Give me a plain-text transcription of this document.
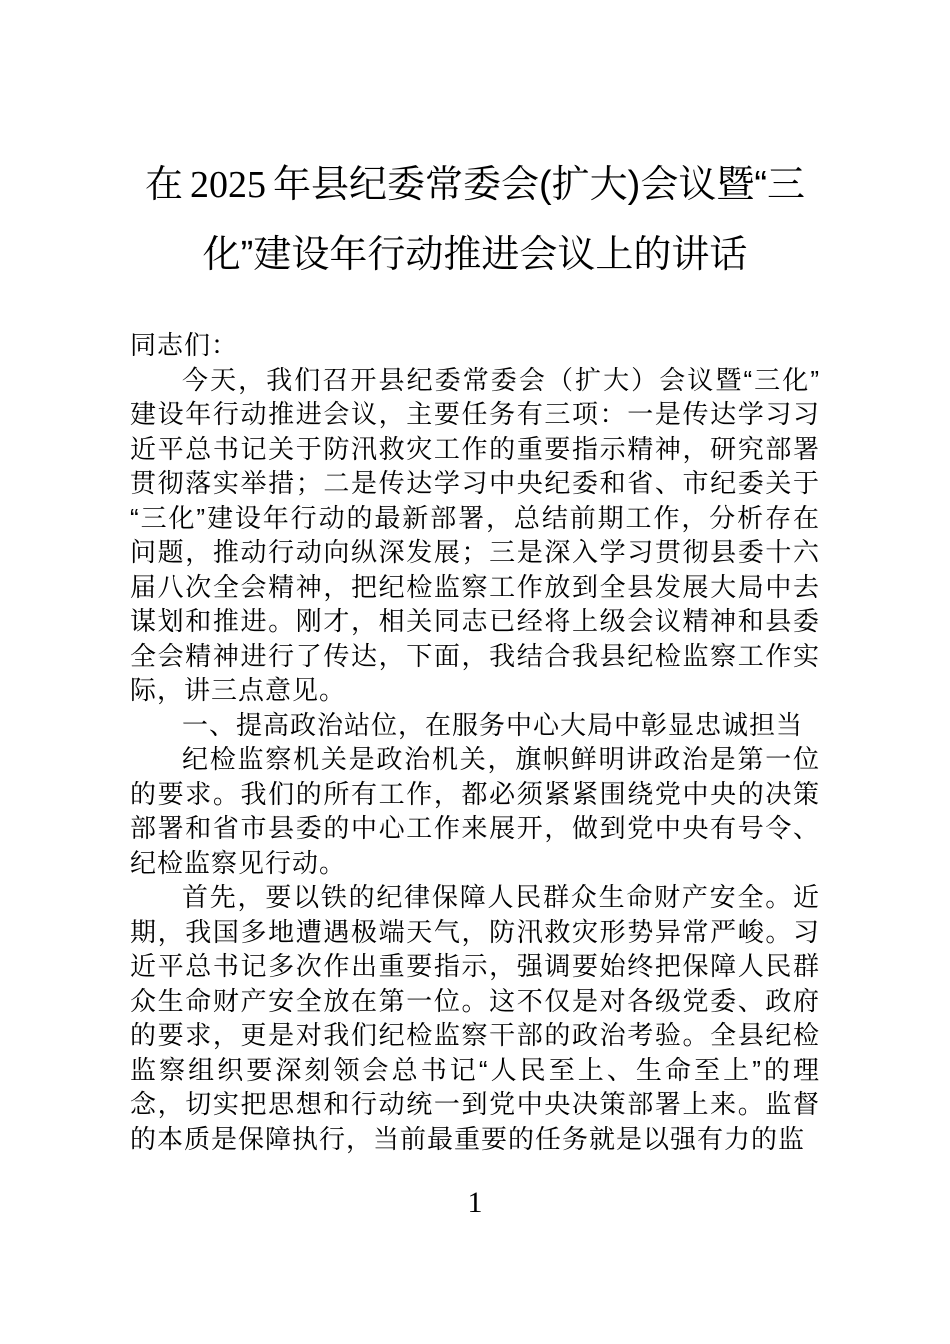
在 2025 年县纪委常委会(扩大)会议暨“三
化”建设年行动推进会议上的讲话

同志们：

今天，我们召开县纪委常委会（扩大）会议暨“三化”建设年行动推进会议，主要任务有三项：一是传达学习习近平总书记关于防汛救灾工作的重要指示精神，研究部署贯彻落实举措；二是传达学习中央纪委和省、市纪委关于“三化”建设年行动的最新部署，总结前期工作，分析存在问题，推动行动向纵深发展；三是深入学习贯彻县委十六届八次全会精神，把纪检监察工作放到全县发展大局中去谋划和推进。刚才，相关同志已经将上级会议精神和县委全会精神进行了传达，下面，我结合我县纪检监察工作实际，讲三点意见。

一、提高政治站位，在服务中心大局中彰显忠诚担当

纪检监察机关是政治机关，旗帜鲜明讲政治是第一位的要求。我们的所有工作，都必须紧紧围绕党中央的决策部署和省市县委的中心工作来展开，做到党中央有号令、纪检监察见行动。

首先，要以铁的纪律保障人民群众生命财产安全。近期，我国多地遭遇极端天气，防汛救灾形势异常严峻。习近平总书记多次作出重要指示，强调要始终把保障人民群众生命财产安全放在第一位。这不仅是对各级党委、政府的要求，更是对我们纪检监察干部的政治考验。全县纪检监察组织要深刻领会总书记“人民至上、生命至上”的理念，切实把思想和行动统一到党中央决策部署上来。监督的本质是保障执行，当前最重要的任务就是以强有力的监

1
